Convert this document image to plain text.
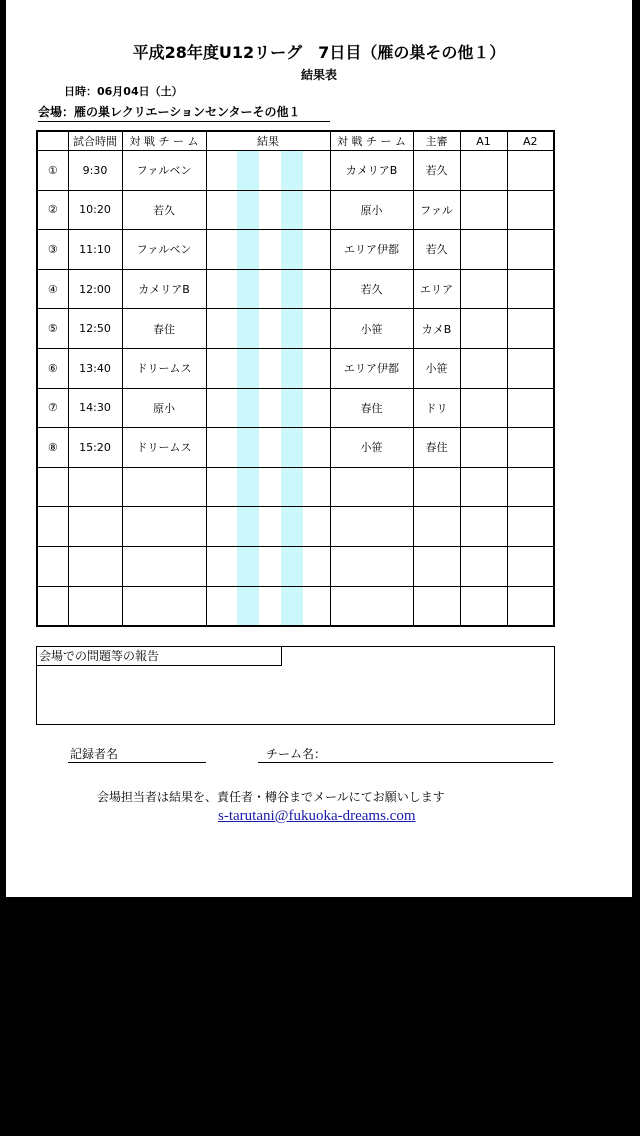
平成28年度U12リーグ　7日目（雁の巣その他１）
結果表
日時：06月04日（土）
会場：雁の巣レクリエーションセンターその他１
	試合時間	対 戦 チ ー ム	結果	対 戦 チ ー ム	主審	A1	A2
①	9:30	ファルベン		カメリアB	若久		
②	10:20	若久		原小	ファル		
③	11:10	ファルベン		エリア伊都	若久		
④	12:00	カメリアB		若久	エリア		
⑤	12:50	春住		小笹	カメB		
⑥	13:40	ドリームス		エリア伊都	小笹		
⑦	14:30	原小		春住	ドリ		
⑧	15:20	ドリームス		小笹	春住		

会場での問題等の報告
記録者名	チーム名：
会場担当者は結果を、責任者・樽谷までメールにてお願いします
s-tarutani@fukuoka-dreams.com
